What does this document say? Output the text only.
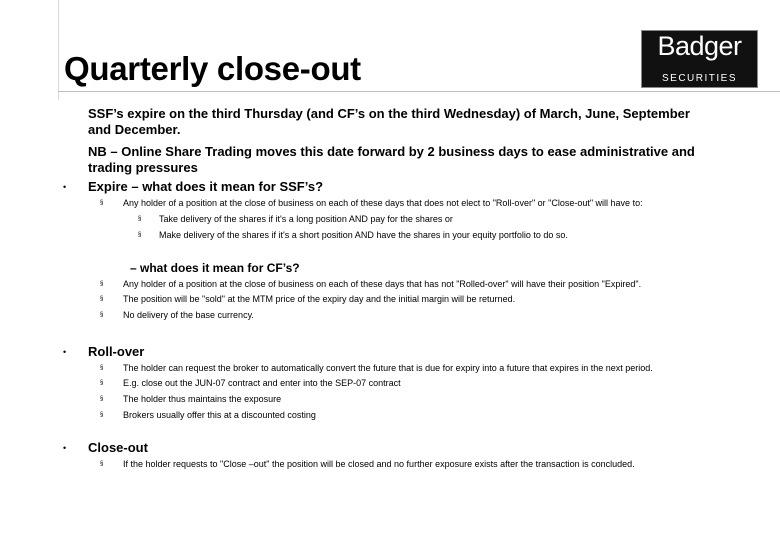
Quarterly close-out
Badger
SECURITIES
SSF’s expire on the third Thursday (and CF’s on the third Wednesday) of March, June, September
and December.
NB – Online Share Trading moves this date forward by 2 business days to ease administrative and
trading pressures
• Expire – what does it mean for SSF’s?
§ Any holder of a position at the close of business on each of these days that does not elect to "Roll-over" or "Close-out" will have to:
§ Take delivery of the shares if it's a long position AND pay for the shares or
§ Make delivery of the shares if it's a short position AND have the shares in your equity portfolio to do so.
– what does it mean for CF’s?
§ Any holder of a position at the close of business on each of these days that has not "Rolled-over" will have their position "Expired".
§ The position will be "sold" at the MTM price of the expiry day and the initial margin will be returned.
§ No delivery of the base currency.
• Roll-over
§ The holder can request the broker to automatically convert the future that is due for expiry into a future that expires in the next period.
§ E.g. close out the JUN-07 contract and enter into the SEP-07 contract
§ The holder thus maintains the exposure
§ Brokers usually offer this at a discounted costing
• Close-out
§ If the holder requests to "Close –out" the position will be closed and no further exposure exists after the transaction is concluded.
